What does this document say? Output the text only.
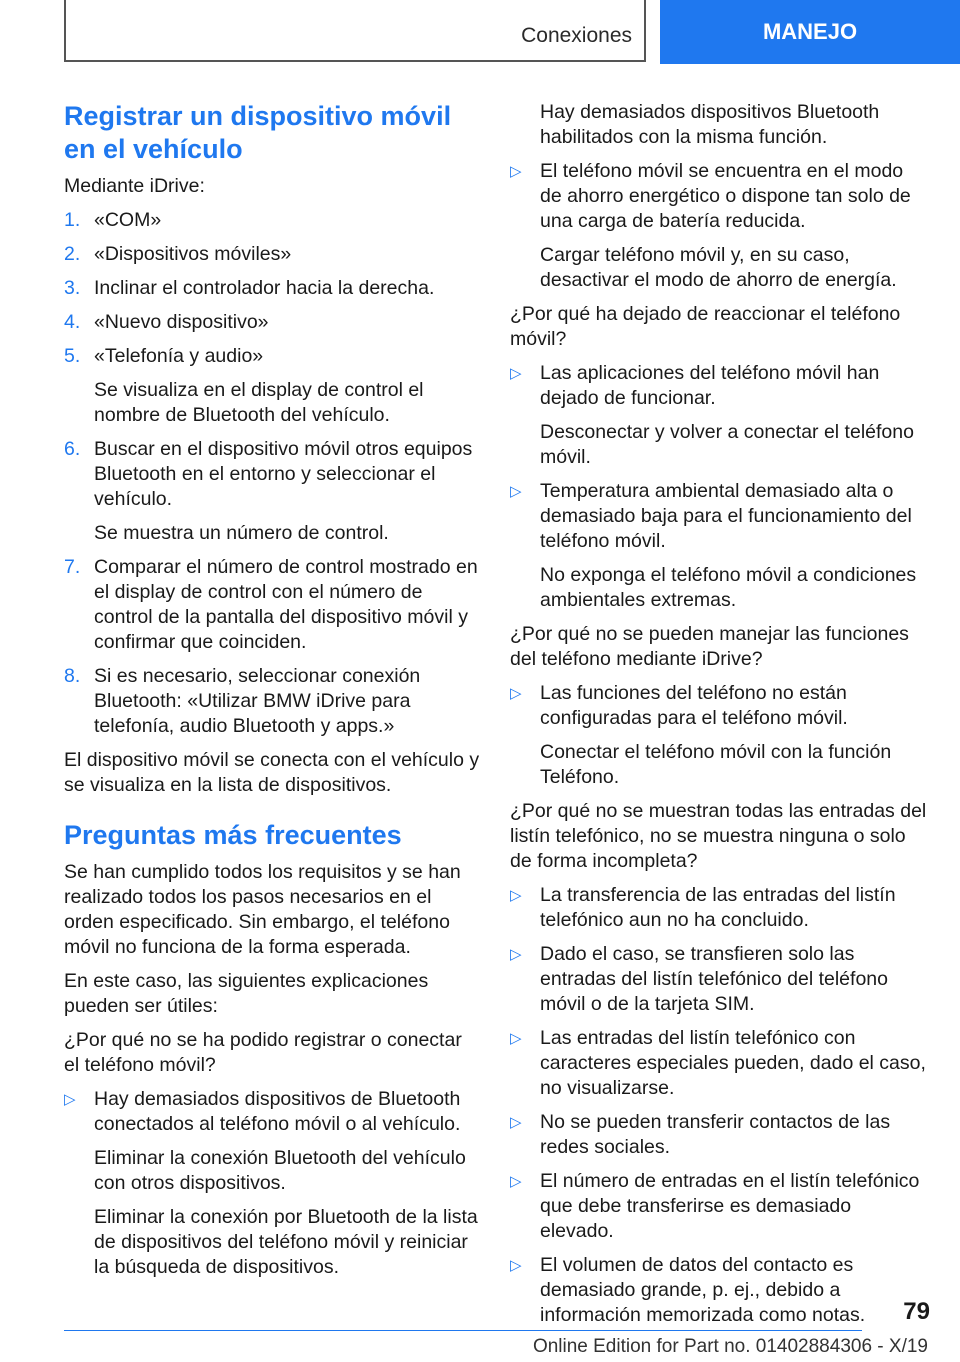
Conexiones	MANEJO
Registrar un dispositivo móvil en el vehículo

Mediante iDrive:

1. «COM»
2. «Dispositivos móviles»
3. Inclinar el controlador hacia la derecha.
4. «Nuevo dispositivo»
5. «Telefonía y audio»
Se visualiza en el display de control el nombre de Bluetooth del vehículo.
6. Buscar en el dispositivo móvil otros equipos Bluetooth en el entorno y seleccionar el vehículo.
Se muestra un número de control.
7. Comparar el número de control mostrado en el display de control con el número de control de la pantalla del dispositivo móvil y confirmar que coinciden.
8. Si es necesario, seleccionar conexión Bluetooth: «Utilizar BMW iDrive para telefonía, audio Bluetooth y apps.»

El dispositivo móvil se conecta con el vehículo y se visualiza en la lista de dispositivos.

Preguntas más frecuentes

Se han cumplido todos los requisitos y se han realizado todos los pasos necesarios en el orden especificado. Sin embargo, el teléfono móvil no funciona de la forma esperada.

En este caso, las siguientes explicaciones pueden ser útiles:

¿Por qué no se ha podido registrar o conectar el teléfono móvil?

▷ Hay demasiados dispositivos de Bluetooth conectados al teléfono móvil o al vehículo.
Eliminar la conexión Bluetooth del vehículo con otros dispositivos.
Eliminar la conexión por Bluetooth de la lista de dispositivos del teléfono móvil y reiniciar la búsqueda de dispositivos.
Hay demasiados dispositivos Bluetooth habilitados con la misma función.
▷ El teléfono móvil se encuentra en el modo de ahorro energético o dispone tan solo de una carga de batería reducida.
Cargar teléfono móvil y, en su caso, desactivar el modo de ahorro de energía.

¿Por qué ha dejado de reaccionar el teléfono móvil?

▷ Las aplicaciones del teléfono móvil han dejado de funcionar.
Desconectar y volver a conectar el teléfono móvil.
▷ Temperatura ambiental demasiado alta o demasiado baja para el funcionamiento del teléfono móvil.
No exponga el teléfono móvil a condiciones ambientales extremas.

¿Por qué no se pueden manejar las funciones del teléfono mediante iDrive?

▷ Las funciones del teléfono no están configuradas para el teléfono móvil.
Conectar el teléfono móvil con la función Teléfono.

¿Por qué no se muestran todas las entradas del listín telefónico, no se muestra ninguna o solo de forma incompleta?

▷ La transferencia de las entradas del listín telefónico aun no ha concluido.
▷ Dado el caso, se transfieren solo las entradas del listín telefónico del teléfono móvil o de la tarjeta SIM.
▷ Las entradas del listín telefónico con caracteres especiales pueden, dado el caso, no visualizarse.
▷ No se pueden transferir contactos de las redes sociales.
▷ El número de entradas en el listín telefónico que debe transferirse es demasiado elevado.
▷ El volumen de datos del contacto es demasiado grande, p. ej., debido a información memorizada como notas.	79
Online Edition for Part no. 01402884306 - X/19
